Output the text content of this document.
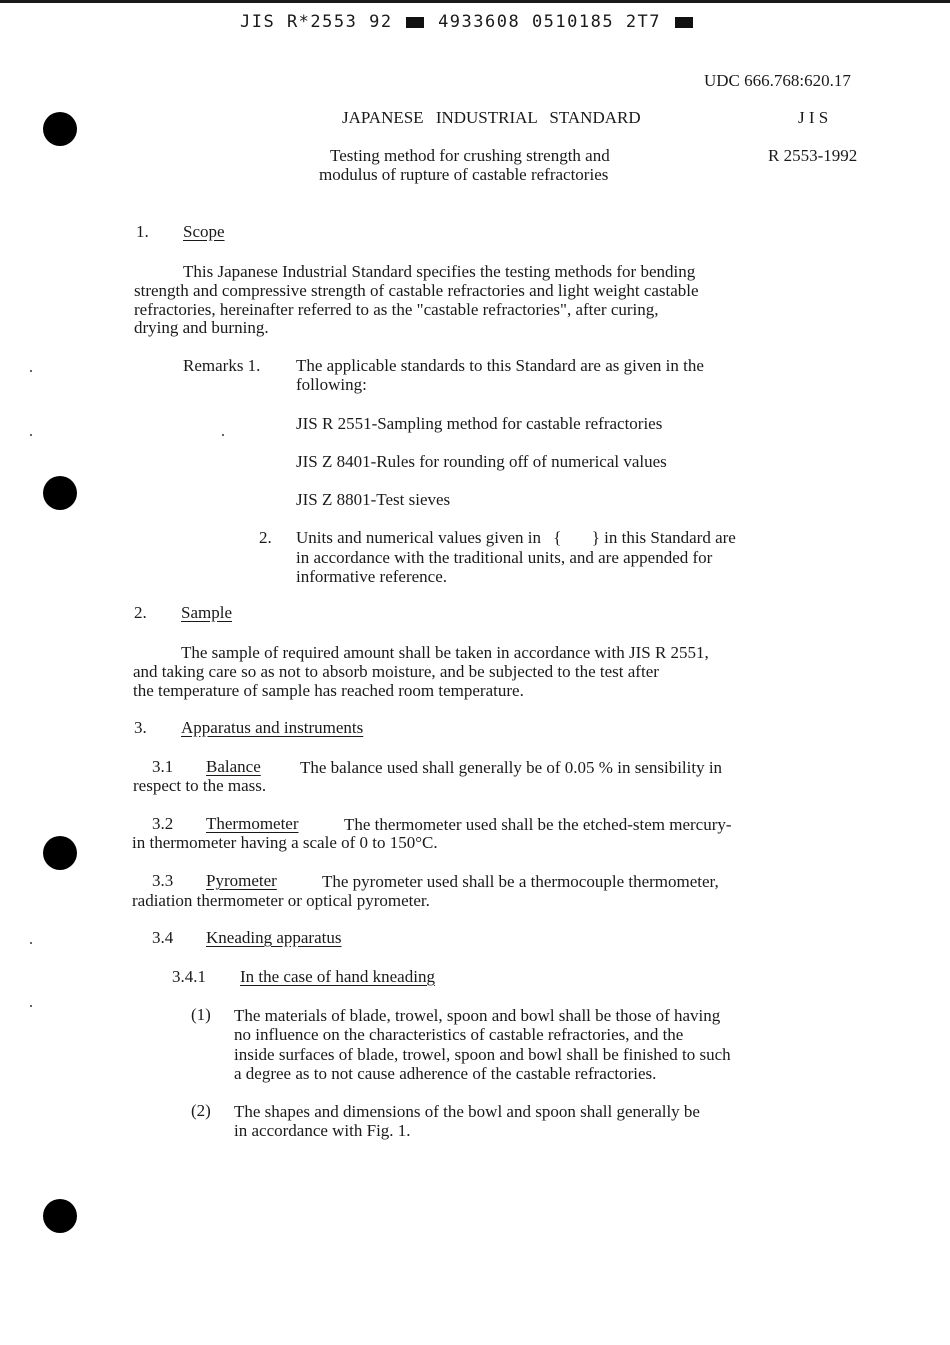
JIS R*2553 92	4933608 0510185 2T7
UDC 666.768:620.17
JAPANESE INDUSTRIAL STANDARD	J I S
Testing method for crushing strength and
modulus of rupture of castable refractories
R 2553-1992
1. Scope
This Japanese Industrial Standard specifies the testing methods for bending
strength and compressive strength of castable refractories and light weight castable
refractories, hereinafter referred to as the "castable refractories", after curing,
drying and burning.
Remarks 1. The applicable standards to this Standard are as given in the
following:
JIS R 2551-Sampling method for castable refractories
JIS Z 8401-Rules for rounding off of numerical values
JIS Z 8801-Test sieves
2. Units and numerical values given in { } in this Standard are
in accordance with the traditional units, and are appended for
informative reference.
2. Sample
The sample of required amount shall be taken in accordance with JIS R 2551,
and taking care so as not to absorb moisture, and be subjected to the test after
the temperature of sample has reached room temperature.
3. Apparatus and instruments
3.1 Balance The balance used shall generally be of 0.05 % in sensibility in
respect to the mass.
3.2 Thermometer	The thermometer used shall be the etched-stem mercury-
in thermometer having a scale of 0 to 150°C.
3.3 Pyrometer	The pyrometer used shall be a thermocouple thermometer,
radiation thermometer or optical pyrometer.
3.4 Kneading apparatus
3.4.1 In the case of hand kneading
(1) The materials of blade, trowel, spoon and bowl shall be those of having
no influence on the characteristics of castable refractories, and the
inside surfaces of blade, trowel, spoon and bowl shall be finished to such
a degree as to not cause adherence of the castable refractories.
(2) The shapes and dimensions of the bowl and spoon shall generally be
in accordance with Fig. 1.
